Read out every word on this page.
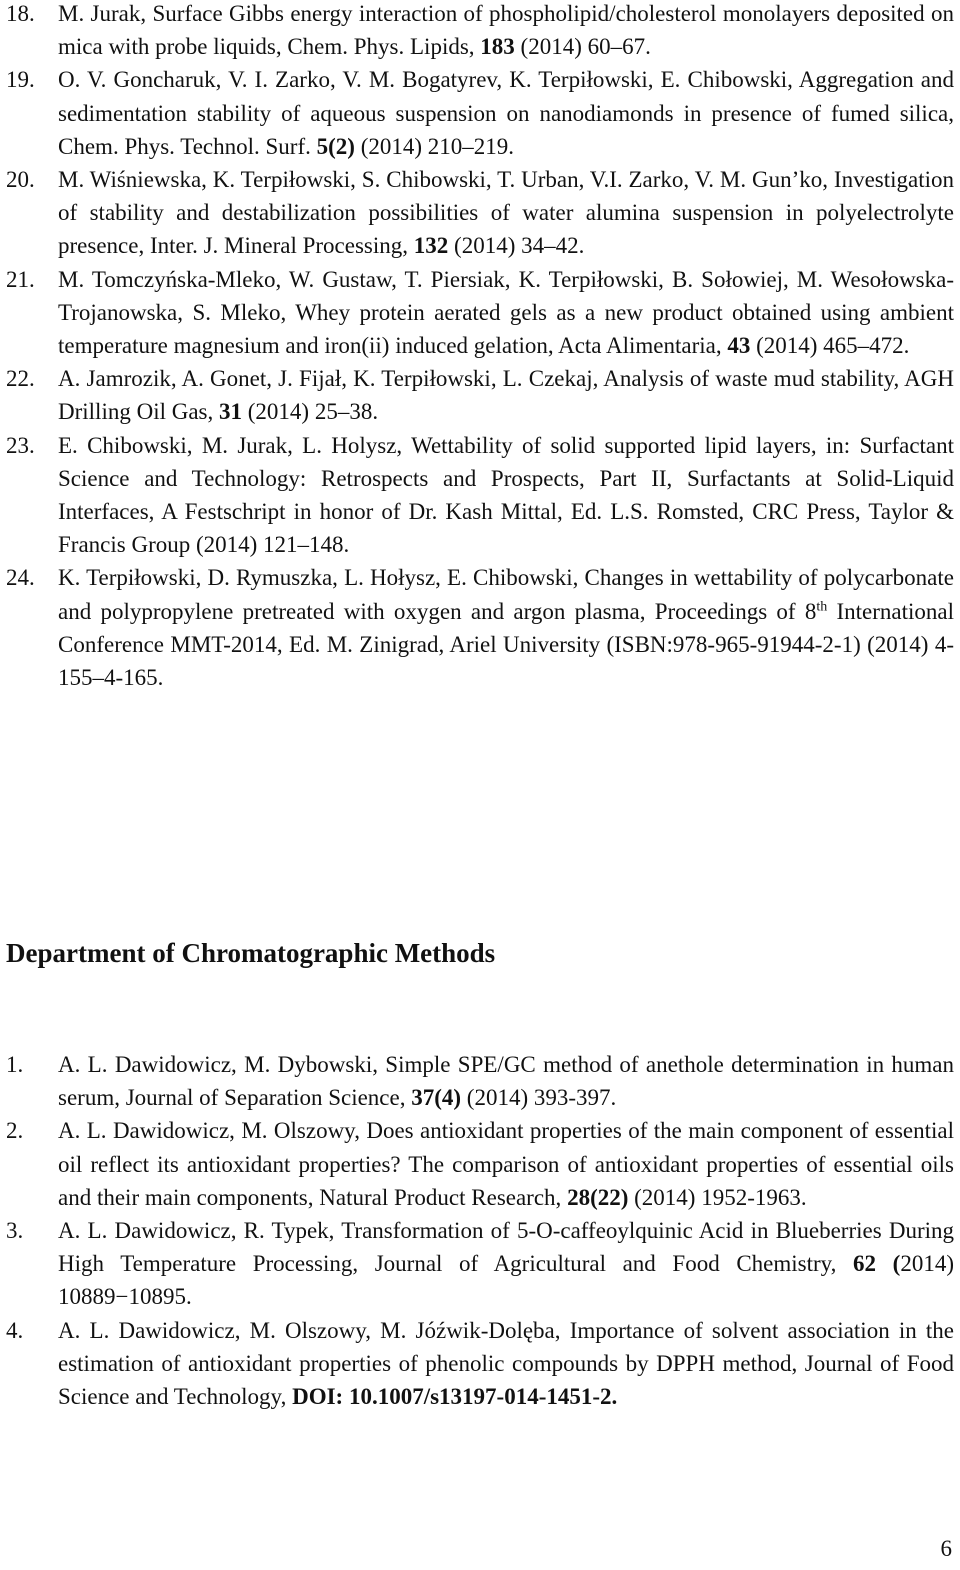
1. 18. M. Jurak, Surface Gibbs energy interaction of phospholipid/cholesterol monolayers deposited on mica with probe liquids, Chem. Phys. Lipids, 183 (2014) 60–67.
2. 19. O. V. Goncharuk, V. I. Zarko, V. M. Bogatyrev, K. Terpiłowski, E. Chibowski, Aggregation and sedimentation stability of aqueous suspension on nanodiamonds in presence of fumed silica, Chem. Phys. Technol. Surf. 5(2) (2014) 210–219.
3. 20. M. Wiśniewska, K. Terpiłowski, S. Chibowski, T. Urban, V.I. Zarko, V. M. Gun’ko, Investigation of stability and destabilization possibilities of water alumina suspension in polyelectrolyte presence, Inter. J. Mineral Processing, 132 (2014) 34–42.
4. 21. M. Tomczyńska-Mleko, W. Gustaw, T. Piersiak, K. Terpiłowski, B. Sołowiej, M. Wesołowska-Trojanowska, S. Mleko, Whey protein aerated gels as a new product obtained using ambient temperature magnesium and iron(ii) induced gelation, Acta Alimentaria, 43 (2014) 465–472.
5. 22. A. Jamrozik, A. Gonet, J. Fijał, K. Terpiłowski, L. Czekaj, Analysis of waste mud stability, AGH Drilling Oil Gas, 31 (2014) 25–38.
6. 23. E. Chibowski, M. Jurak, L. Holysz, Wettability of solid supported lipid layers, in: Surfactant Science and Technology: Retrospects and Prospects, Part II, Surfactants at Solid-Liquid Interfaces, A Festschript in honor of Dr. Kash Mittal, Ed. L.S. Romsted, CRC Press, Taylor & Francis Group (2014) 121–148.
7. 24. K. Terpiłowski, D. Rymuszka, L. Hołysz, E. Chibowski, Changes in wettability of polycarbonate and polypropylene pretreated with oxygen and argon plasma, Proceedings of 8th International Conference MMT-2014, Ed. M. Zinigrad, Ariel University (ISBN:978-965-91944-2-1) (2014) 4-155–4-165.
Department of Chromatographic Methods
1. 1. A. L. Dawidowicz, M. Dybowski, Simple SPE/GC method of anethole determination in human serum, Journal of Separation Science, 37(4) (2014) 393-397.
2. 2. A. L. Dawidowicz, M. Olszowy, Does antioxidant properties of the main component of essential oil reflect its antioxidant properties? The comparison of antioxidant properties of essential oils and their main components, Natural Product Research, 28(22) (2014) 1952-1963.
3. 3. A. L. Dawidowicz, R. Typek, Transformation of 5-O-caffeoylquinic Acid in Blueberries During High Temperature Processing, Journal of Agricultural and Food Chemistry, 62 (2014) 10889−10895.
4. 4. A. L. Dawidowicz, M. Olszowy, M. Jóźwik-Dolęba, Importance of solvent association in the estimation of antioxidant properties of phenolic compounds by DPPH method, Journal of Food Science and Technology, DOI: 10.1007/s13197-014-1451-2.
6
